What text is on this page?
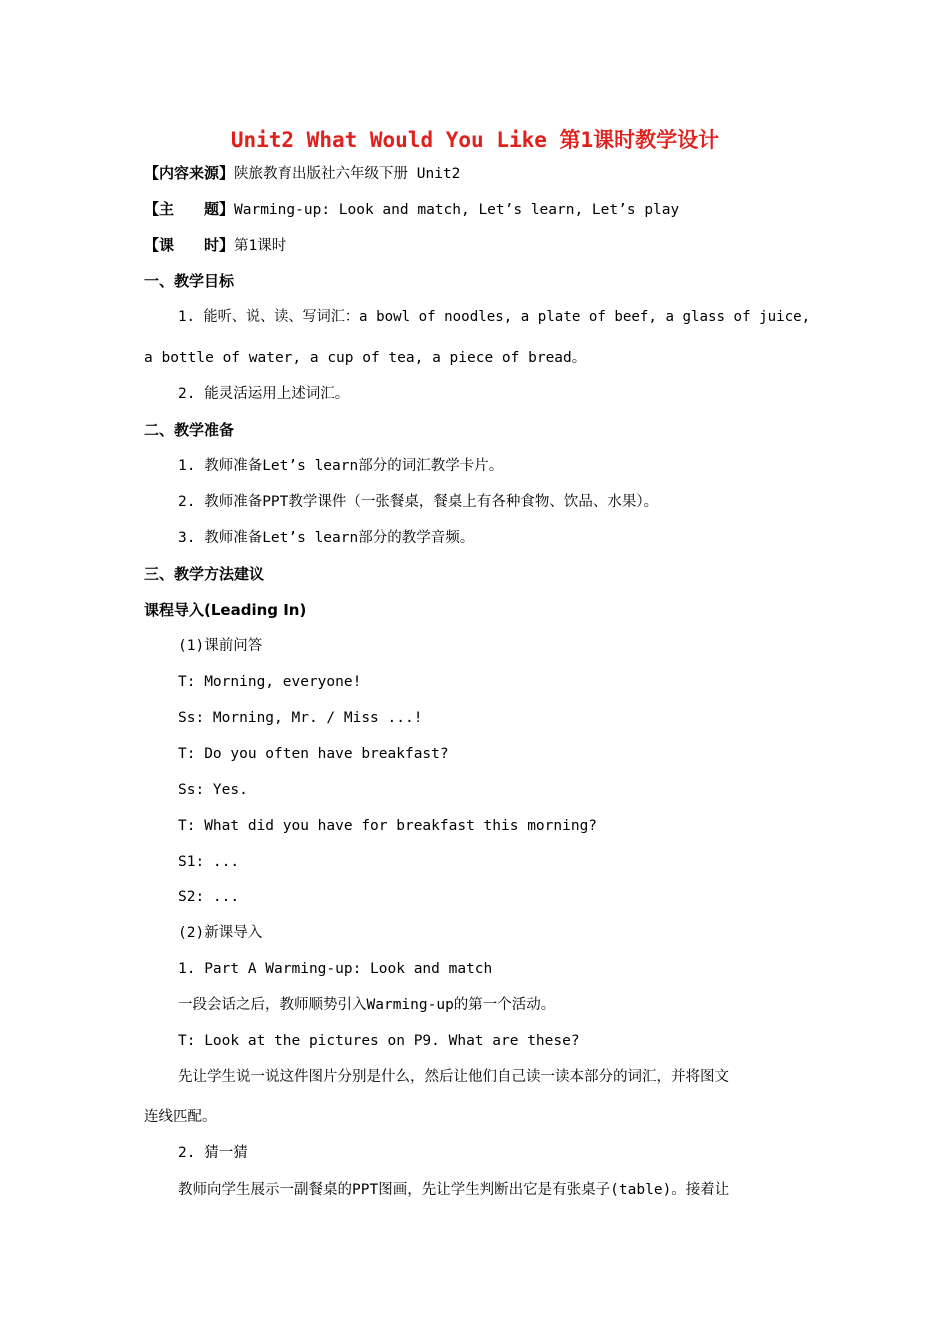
Unit2 What Would You Like 第1课时教学设计
【内容来源】陕旅教育出版社六年级下册 Unit2
【主　　题】Warming-up: Look and match, Let’s learn, Let’s play
【课　　时】第1课时
一、教学目标
1. 能听、说、读、写词汇：a bowl of noodles, a plate of beef, a glass of juice,
a bottle of water, a cup of tea, a piece of bread。
2. 能灵活运用上述词汇。
二、教学准备
1. 教师准备Let’s learn部分的词汇教学卡片。
2. 教师准备PPT教学课件（一张餐桌，餐桌上有各种食物、饮品、水果）。
3. 教师准备Let’s learn部分的教学音频。
三、教学方法建议
课程导入(Leading In)
(1)课前问答
T: Morning, everyone!
Ss: Morning, Mr. / Miss ...!
T: Do you often have breakfast?
Ss: Yes.
T: What did you have for breakfast this morning?
S1: ...
S2: ...
(2)新课导入
1. Part A Warming-up: Look and match
一段会话之后，教师顺势引入Warming-up的第一个活动。
T: Look at the pictures on P9. What are these?
先让学生说一说这件图片分别是什么，然后让他们自己读一读本部分的词汇，并将图文
连线匹配。
2. 猜一猜
教师向学生展示一副餐桌的PPT图画，先让学生判断出它是有张桌子(table)。接着让
